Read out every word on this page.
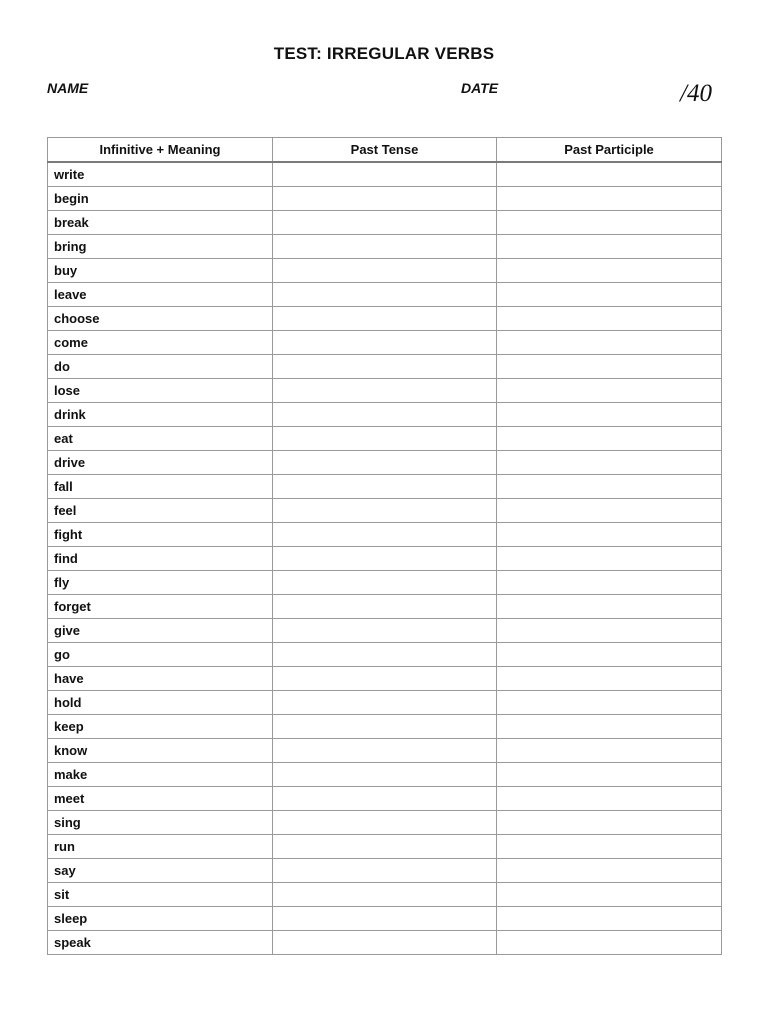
TEST: IRREGULAR VERBS
NAME	DATE	/40
Infinitive + Meaning	Past Tense	Past Participle
write		
begin		
break		
bring		
buy		
leave		
choose		
come		
do		
lose		
drink		
eat		
drive		
fall		
feel		
fight		
find		
fly		
forget		
give		
go		
have		
hold		
keep		
know		
make		
meet		
sing		
run		
say		
sit		
sleep		
speak		
